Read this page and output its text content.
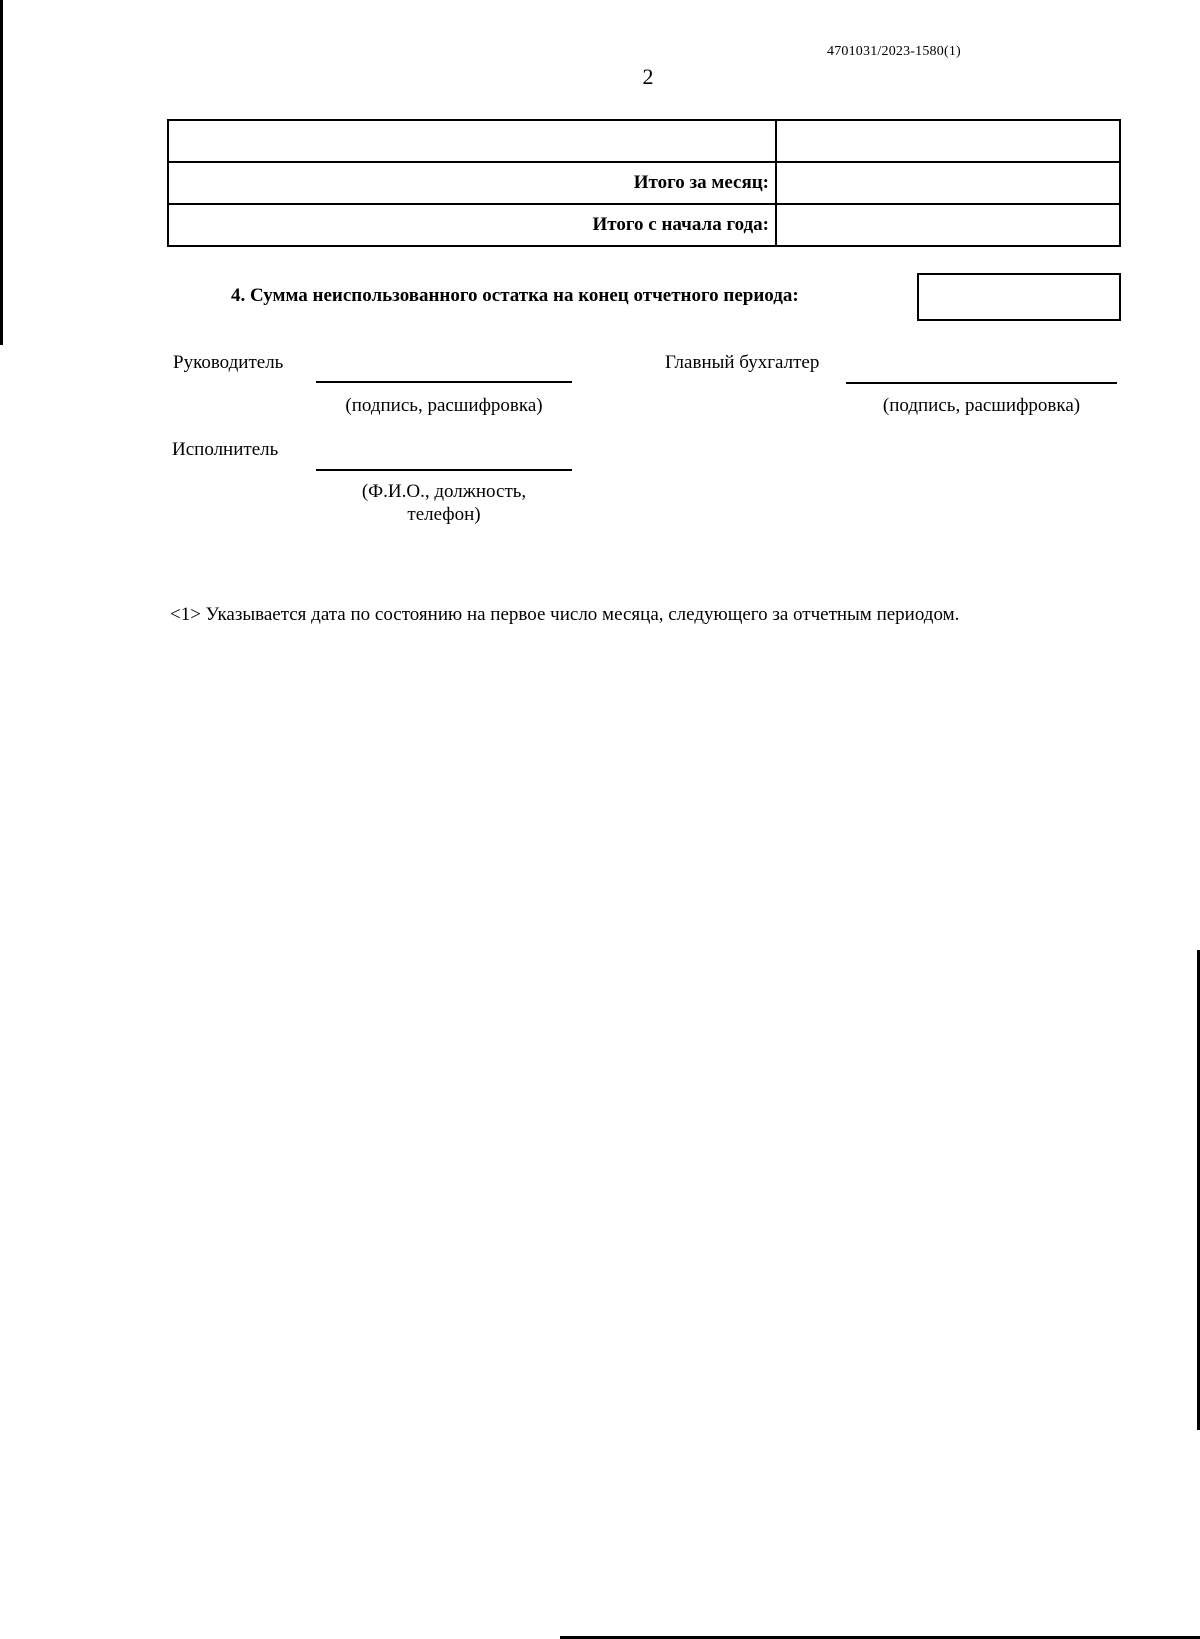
4701031/2023-1580(1)
2

Итого за месяц:	
Итого с начала года:	
4. Сумма неиспользованного остатка на конец отчетного периода:
Руководитель
(подпись, расшифровка)
Главный бухгалтер
(подпись, расшифровка)
Исполнитель
(Ф.И.О., должность,
телефон)
<1> Указывается дата по состоянию на первое число месяца, следующего за отчетным периодом.
